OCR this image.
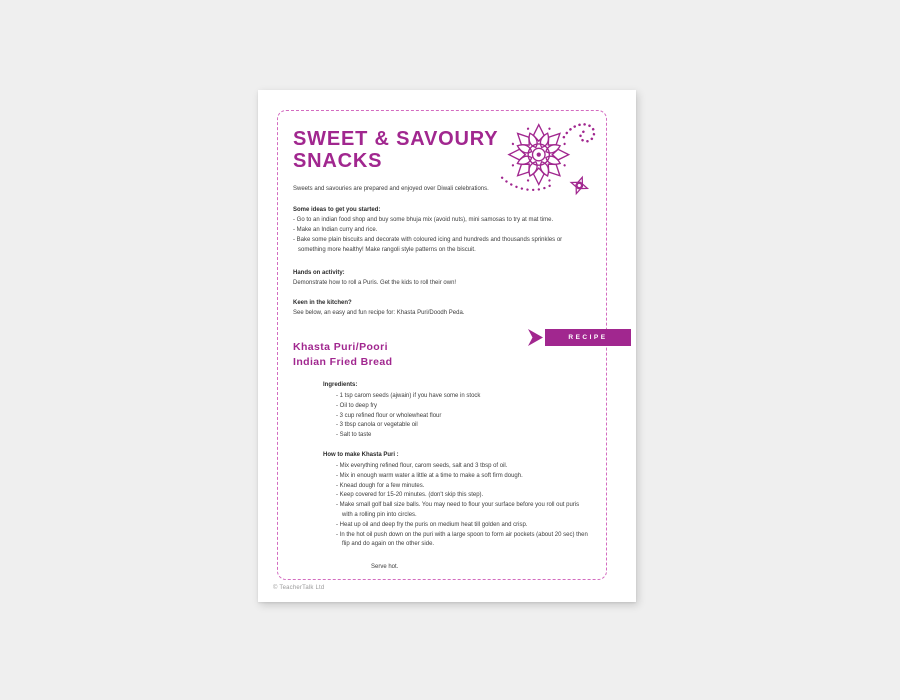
SWEET & SAVOURY
SNACKS

Sweets and savouries are prepared and enjoyed over Diwali celebrations.

Some ideas to get you started:

- Go to an indian food shop and buy some bhuja mix (avoid nuts), mini samosas to try at mat time.
- Make an Indian curry and rice.
- Bake some plain biscuits and decorate with coloured icing and hundreds and thousands sprinkles or something more healthy! Make rangoli style patterns on the biscuit.

Hands on activity:

Demonstrate how to roll a Puris. Get the kids to roll their own!

Keen in the kitchen?

See below, an easy and fun recipe for: Khasta Puri/Doodh Peda.

Khasta Puri/Poori
Indian Fried Bread

Ingredients:

- 1 tsp carom seeds (ajwain) if you have some in stock
- Oil to deep fry
- 3 cup refined flour or wholewheat flour
- 3 tbsp canola or vegetable oil
- Salt to taste

How to make Khasta Puri :

- Mix everything refined flour, carom seeds, salt and 3 tbsp of oil.
- Mix in enough warm water a little at a time to make a soft firm dough.
- Knead dough for a few minutes.
- Keep covered for 15-20 minutes. (don't skip this step).
- Make small golf ball size balls. You may need to flour your surface before you roll out puris with a rolling pin into circles.
- Heat up oil and deep fry the puris on medium heat till golden and crisp.
- In the hot oil push down on the puri with a large spoon to form air pockets (about 20 sec) then flip and do again on the other side.

Serve hot.

RECIPE
© TeacherTalk Ltd
